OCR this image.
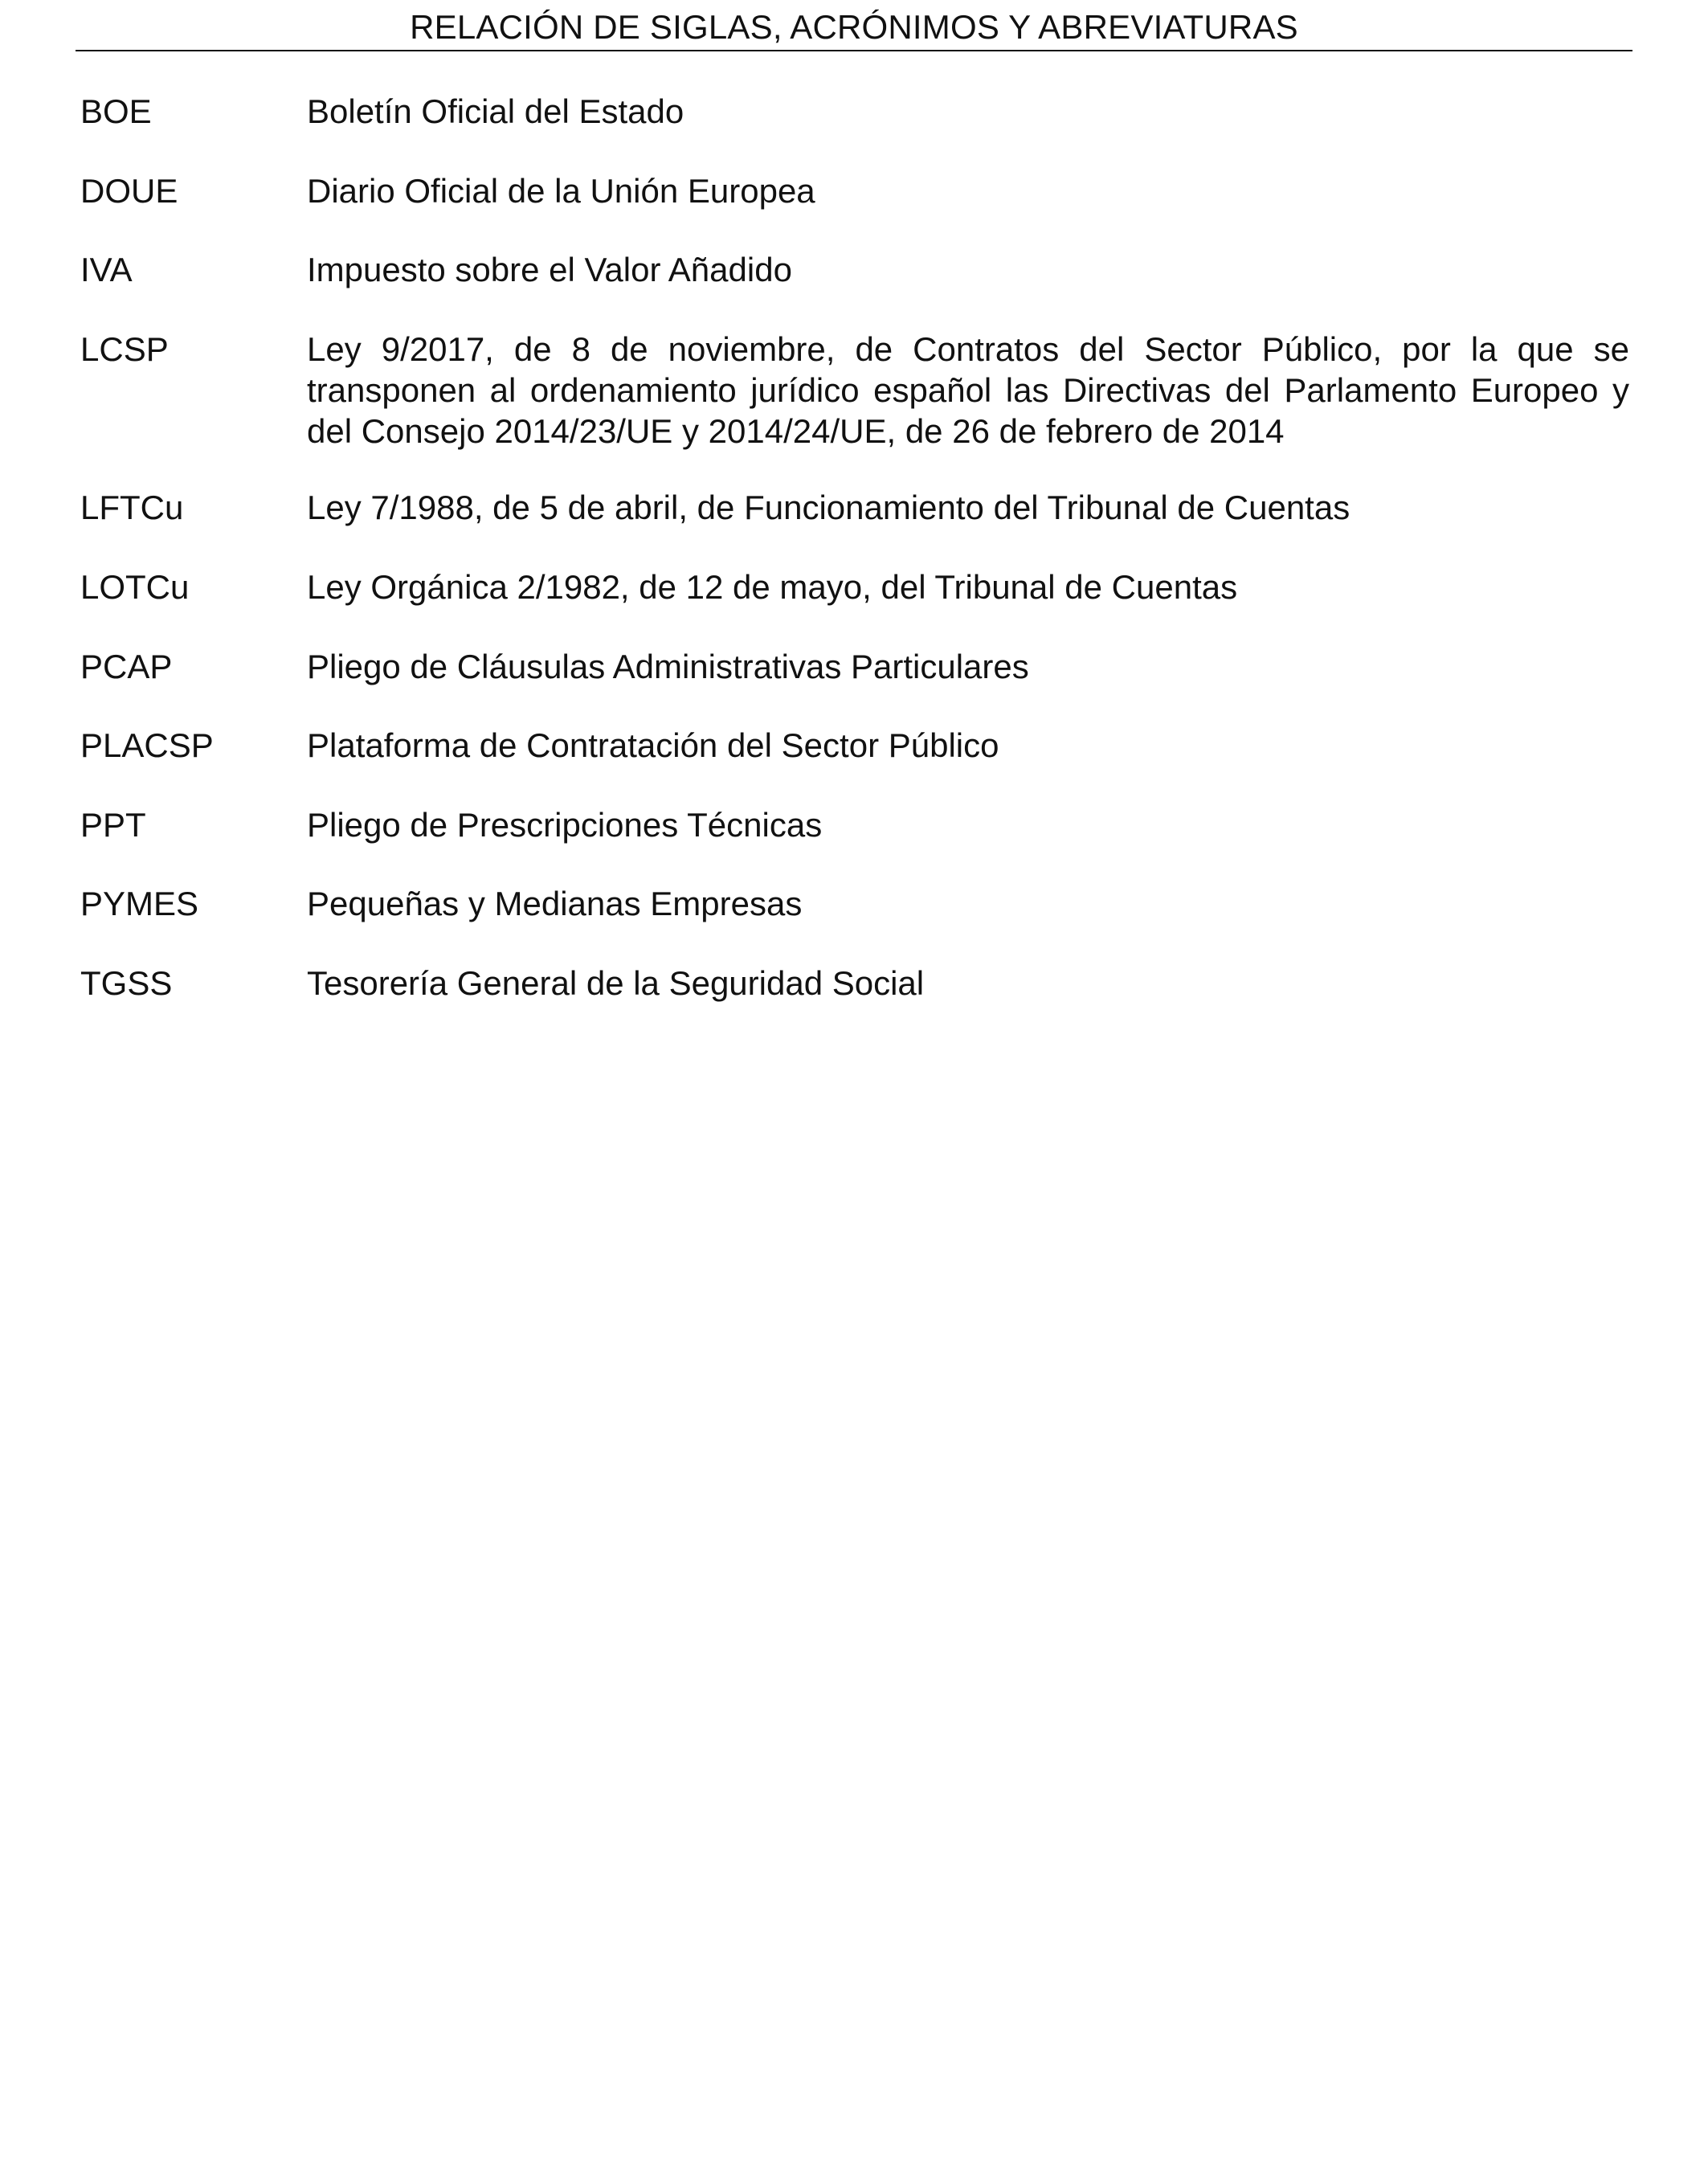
RELACIÓN DE SIGLAS, ACRÓNIMOS Y ABREVIATURAS
BOE	Boletín Oficial del Estado
DOUE	Diario Oficial de la Unión Europea
IVA	Impuesto sobre el Valor Añadido
LCSP	Ley 9/2017, de 8 de noviembre, de Contratos del Sector Público, por la que se transponen al ordenamiento jurídico español las Directivas del Parlamento Europeo y del Consejo 2014/23/UE y 2014/24/UE, de 26 de febrero de 2014
LFTCu	Ley 7/1988, de 5 de abril, de Funcionamiento del Tribunal de Cuentas
LOTCu	Ley Orgánica 2/1982, de 12 de mayo, del Tribunal de Cuentas
PCAP	Pliego de Cláusulas Administrativas Particulares
PLACSP	Plataforma de Contratación del Sector Público
PPT	Pliego de Prescripciones Técnicas
PYMES	Pequeñas y Medianas Empresas
TGSS	Tesorería General de la Seguridad Social
